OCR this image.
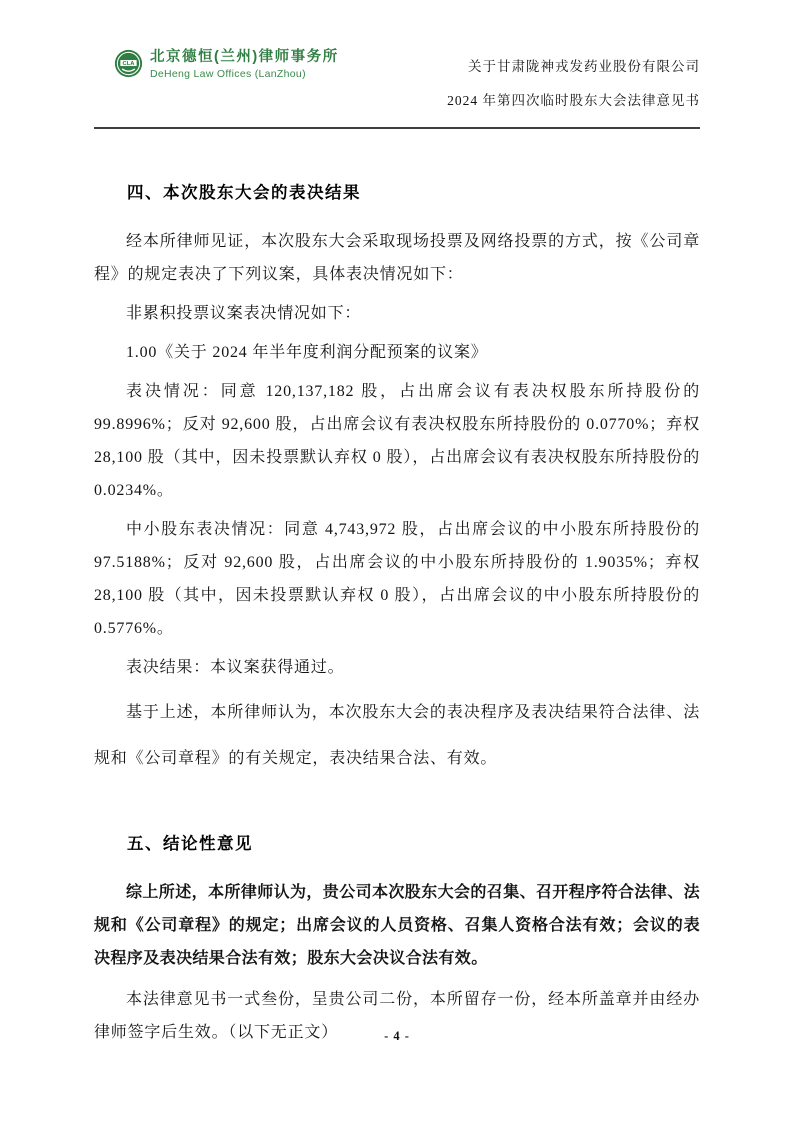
CLA 北京德恒(兰州)律师事务所
DeHeng Law Offices (LanZhou)	关于甘肃陇神戎发药业股份有限公司
2024 年第四次临时股东大会法律意见书
四、本次股东大会的表决结果

经本所律师见证，本次股东大会采取现场投票及网络投票的方式，按《公司章程》的规定表决了下列议案，具体表决情况如下：

非累积投票议案表决情况如下：

1.00《关于 2024 年半年度利润分配预案的议案》

表决情况：同意 120,137,182 股，占出席会议有表决权股东所持股份的 99.8996%；反对 92,600 股，占出席会议有表决权股东所持股份的 0.0770%；弃权 28,100 股（其中，因未投票默认弃权 0 股），占出席会议有表决权股东所持股份的 0.0234%。

中小股东表决情况：同意 4,743,972 股，占出席会议的中小股东所持股份的 97.5188%；反对 92,600 股，占出席会议的中小股东所持股份的 1.9035%；弃权 28,100 股（其中，因未投票默认弃权 0 股），占出席会议的中小股东所持股份的 0.5776%。

表决结果：本议案获得通过。

基于上述，本所律师认为，本次股东大会的表决程序及表决结果符合法律、法规和《公司章程》的有关规定，表决结果合法、有效。

五、结论性意见

综上所述，本所律师认为，贵公司本次股东大会的召集、召开程序符合法律、法规和《公司章程》的规定；出席会议的人员资格、召集人资格合法有效；会议的表决程序及表决结果合法有效；股东大会决议合法有效。

本法律意见书一式叁份，呈贵公司二份，本所留存一份，经本所盖章并由经办律师签字后生效。（以下无正文）	- 4 -
